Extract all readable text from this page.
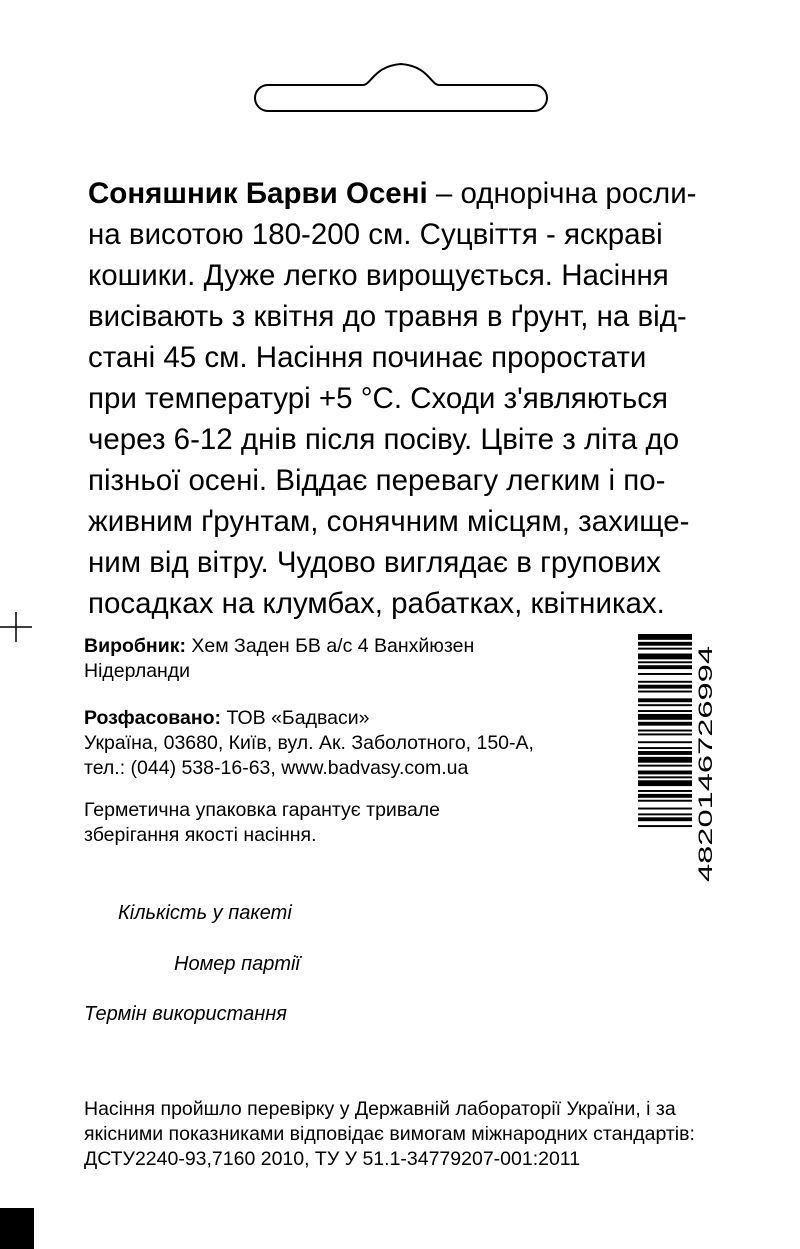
Соняшник Барви Осені – однорічна росли-
на висотою 180-200 см. Суцвіття - яскраві
кошики. Дуже легко вирощується. Насіння
висівають з квітня до травня в ґрунт, на від-
стані 45 см. Насіння починає проростати
при температурі +5 °С. Сходи з'являються
через 6-12 днів після посіву. Цвіте з літа до
пізньої осені. Віддає перевагу легким і по-
живним ґрунтам, сонячним місцям, захище-
ним від вітру. Чудово виглядає в групових
посадках на клумбах, рабатках, квітниках.
Виробник: Хем Заден БВ а/с 4 Ванхйюзен
Нідерланди
Розфасовано: ТОВ «Бадваси»
Україна, 03680, Київ, вул. Ак. Заболотного, 150-А,
тел.: (044) 538-16-63, www.badvasy.com.ua
Герметична упаковка гарантує тривале
зберігання якості насіння.	4820146726994
Кількість у пакеті
Номер партії
Термін використання
Насіння пройшло перевірку у Державній лабораторії України, і за
якісними показниками відповідає вимогам міжнародних стандартів:
ДСТУ2240-93,7160 2010, ТУ У 51.1-34779207-001:2011
